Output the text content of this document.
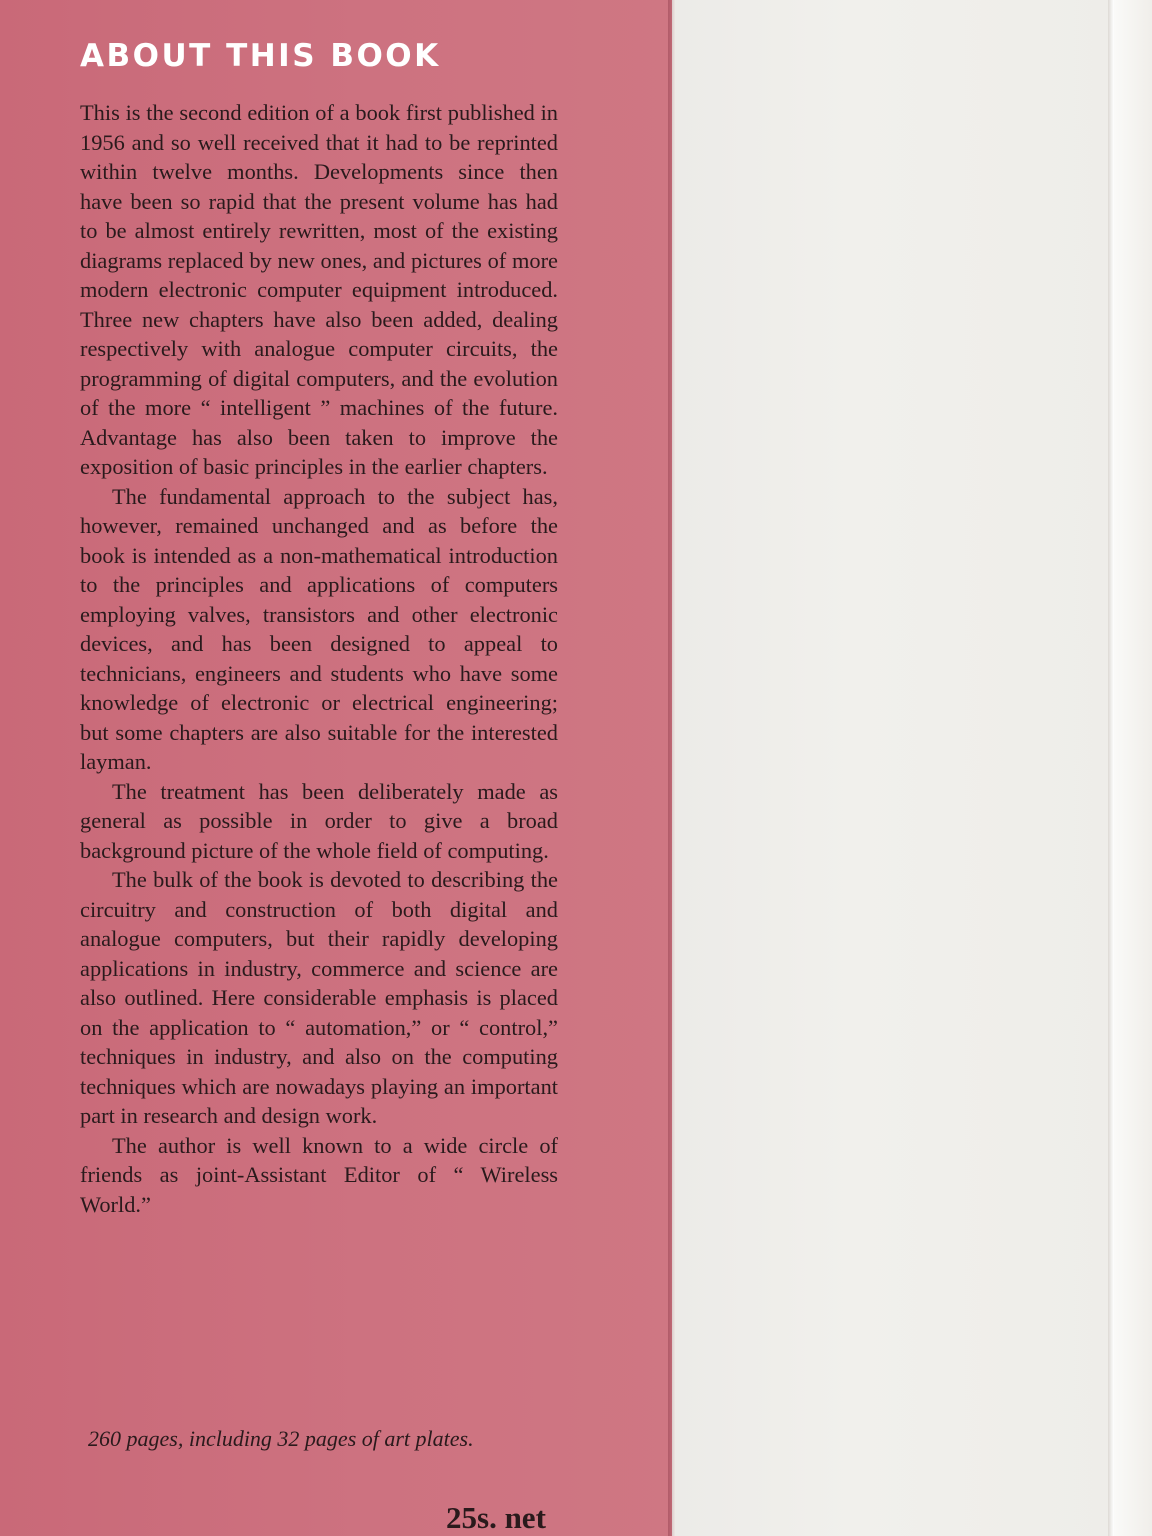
ABOUT THIS BOOK

This is the second edition of a book first published in 1956 and so well received that it had to be reprinted within twelve months. Developments since then have been so rapid that the present volume has had to be almost entirely rewritten, most of the existing diagrams replaced by new ones, and pictures of more modern electronic computer equipment introduced. Three new chapters have also been added, dealing respectively with analogue computer circuits, the programming of digital computers, and the evolution of the more “ intelligent ” machines of the future. Advantage has also been taken to improve the exposition of basic principles in the earlier chapters.

The fundamental approach to the subject has, however, remained unchanged and as before the book is intended as a non-mathematical introduction to the principles and applications of computers employing valves, transistors and other electronic devices, and has been designed to appeal to technicians, engineers and students who have some knowledge of electronic or electrical engineering; but some chapters are also suitable for the interested layman.

The treatment has been deliberately made as general as possible in order to give a broad background picture of the whole field of computing.

The bulk of the book is devoted to describing the circuitry and construction of both digital and analogue computers, but their rapidly developing applications in industry, commerce and science are also outlined. Here considerable emphasis is placed on the application to “ automation,” or “ control,” techniques in industry, and also on the computing techniques which are nowadays playing an important part in research and design work.

The author is well known to a wide circle of friends as joint-Assistant Editor of “ Wireless World.”

260 pages, including 32 pages of art plates.
25s. net
